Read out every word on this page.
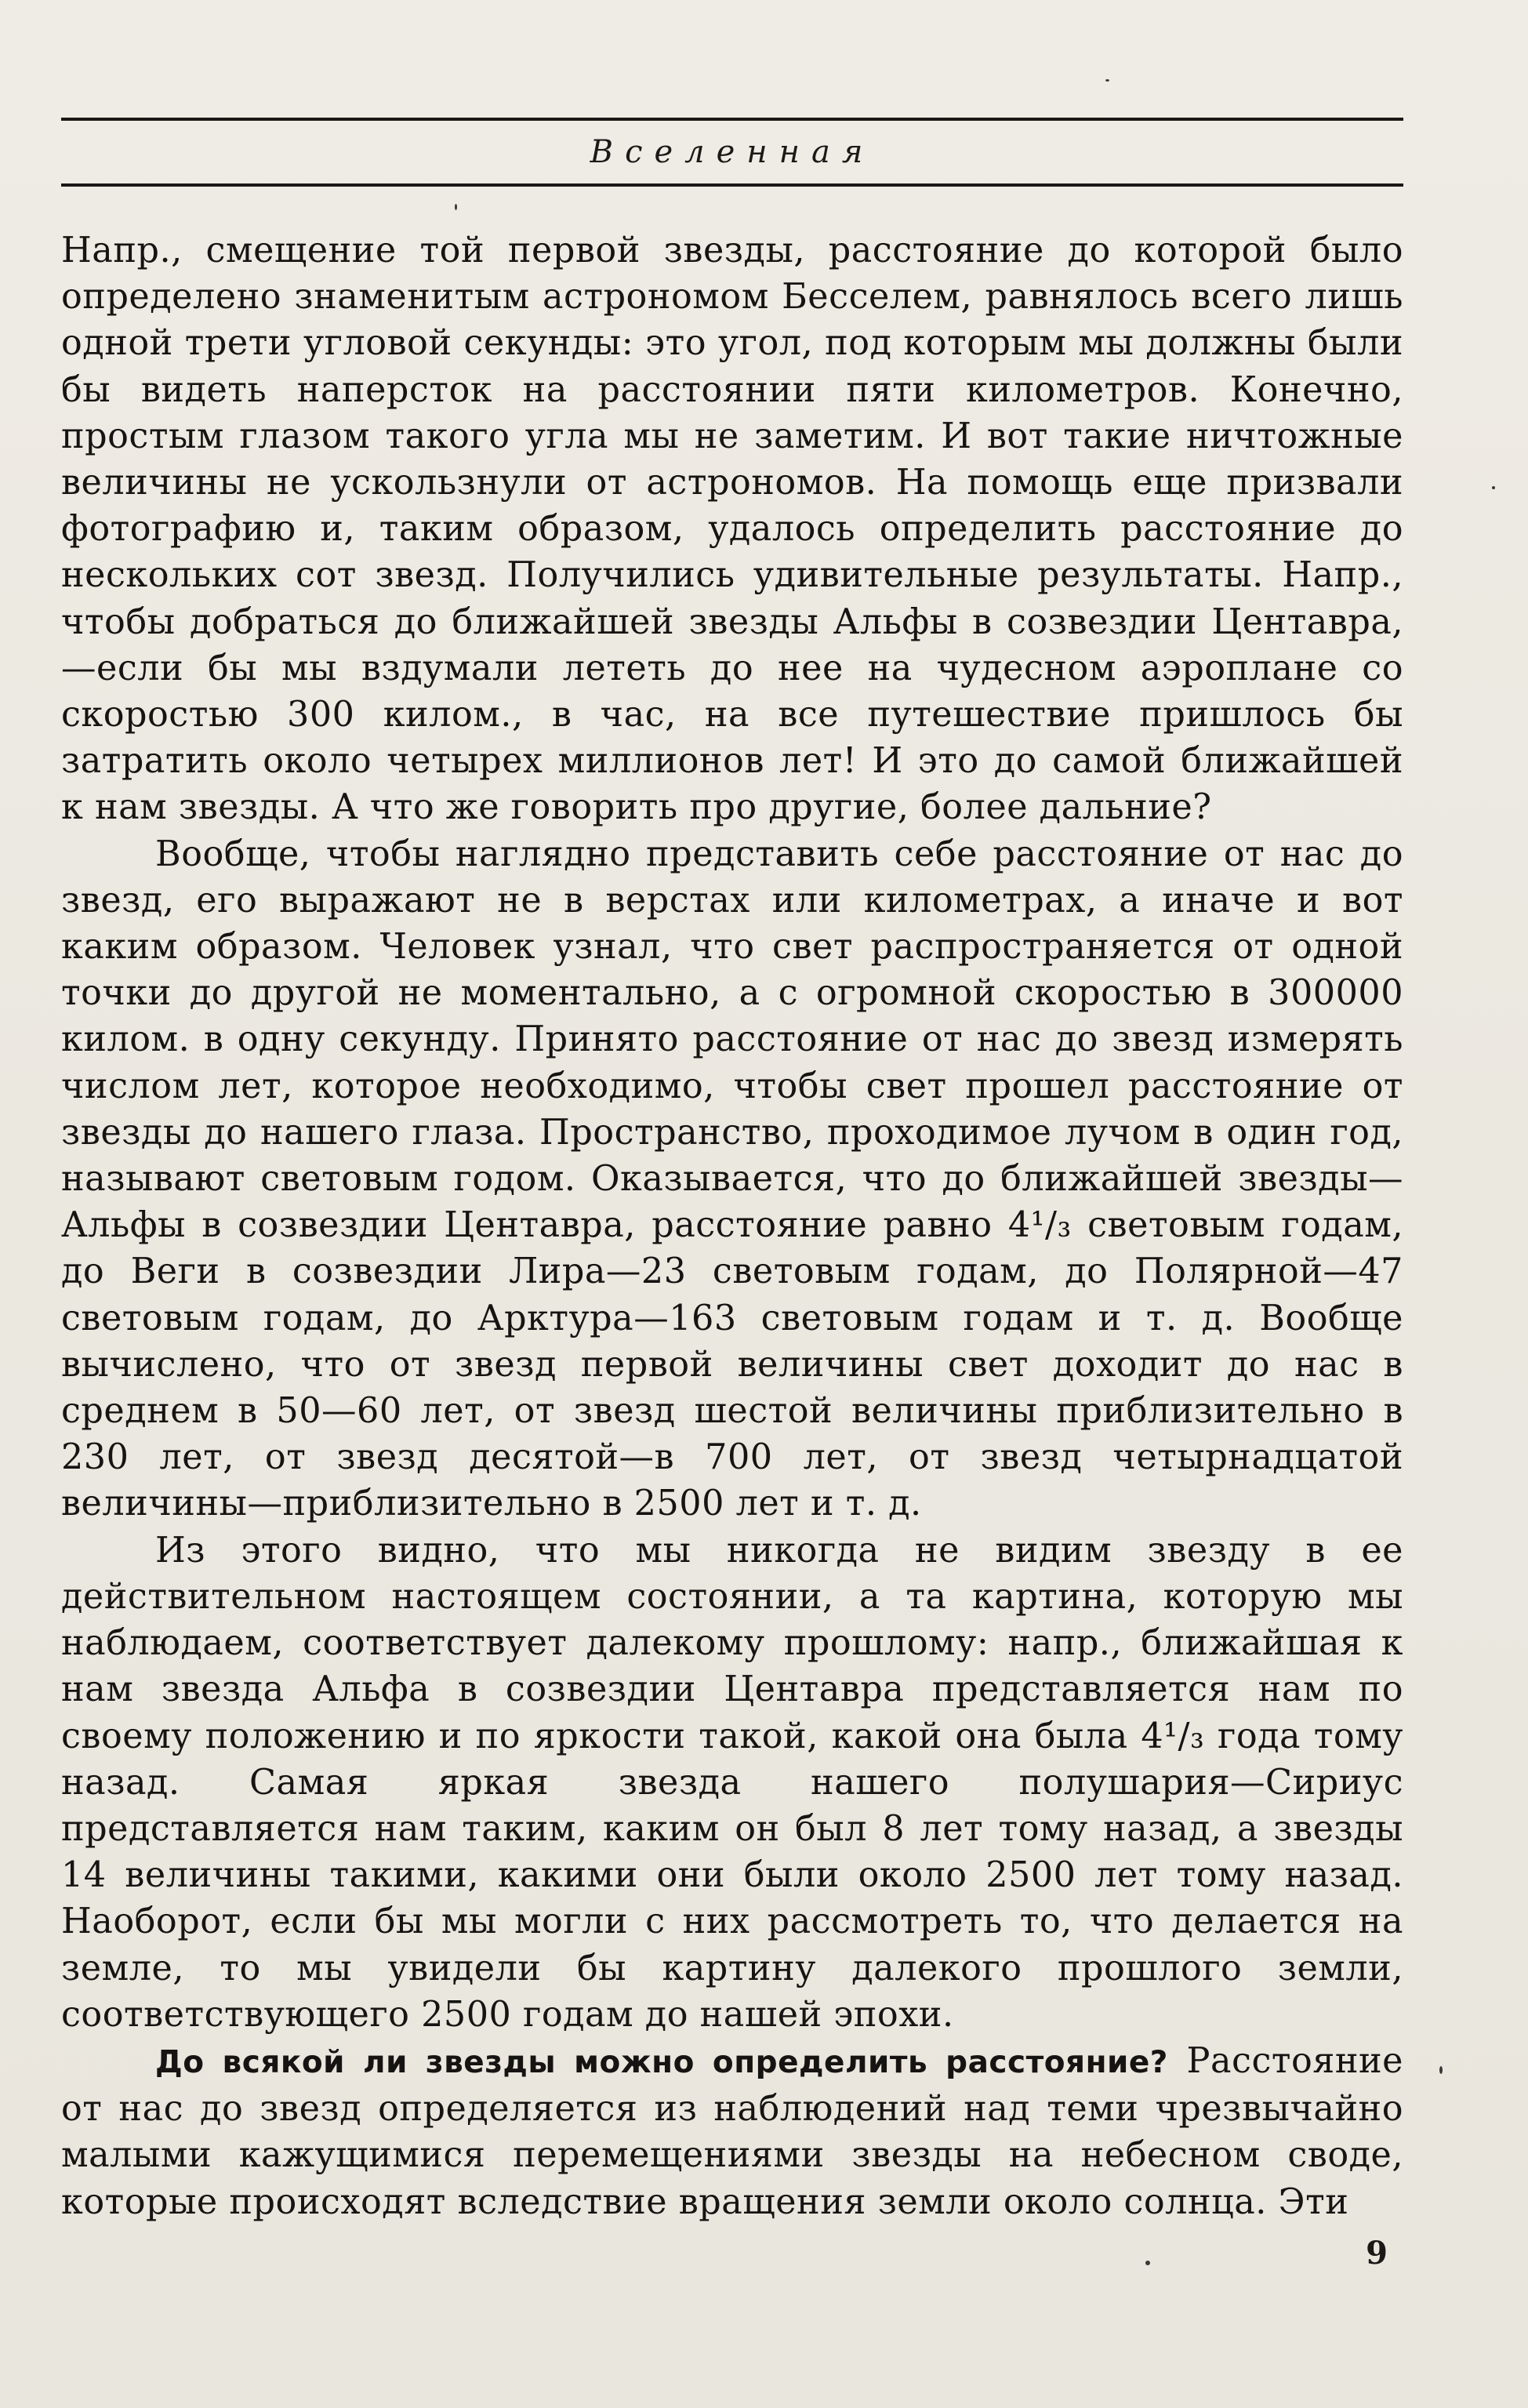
Вселенная

Напр., смещение той первой звезды, расстояние до которой было определено знаменитым астрономом Бесселем, равнялось всего лишь одной трети угловой секунды: это угол, под которым мы должны были бы видеть наперсток на расстоянии пяти километров. Конечно, простым глазом такого угла мы не заметим. И вот такие ничтожные величины не ускользнули от астрономов. На помощь еще призвали фотографию и, таким образом, удалось определить расстояние до нескольких сот звезд. Получились удивительные результаты. Напр., чтобы добраться до ближайшей звезды Альфы в созвездии Центавра,—если бы мы вздумали лететь до нее на чудесном аэроплане со скоростью 300 килом., в час, на все путешествие пришлось бы затратить около четырех миллионов лет! И это до самой ближайшей к нам звезды. А что же говорить про другие, более дальние?

Вообще, чтобы наглядно представить себе расстояние от нас до звезд, его выражают не в верстах или километрах, а иначе и вот каким образом. Человек узнал, что свет распространяется от одной точки до другой не моментально, а с огромной скоростью в 300000 килом. в одну секунду. Принято расстояние от нас до звезд измерять числом лет, которое необходимо, чтобы свет прошел расстояние от звезды до нашего глаза. Пространство, проходимое лучом в один год, называют световым годом. Оказывается, что до ближайшей звезды—Альфы в созвездии Центавра, расстояние равно 4¹/₃ световым годам, до Веги в созвездии Лира—23 световым годам, до Полярной—47 световым годам, до Арктура—163 световым годам и т. д. Вообще вычислено, что от звезд первой величины свет доходит до нас в среднем в 50—60 лет, от звезд шестой величины приблизительно в 230 лет, от звезд десятой—в 700 лет, от звезд четырнадцатой величины—приблизительно в 2500 лет и т. д.

Из этого видно, что мы никогда не видим звезду в ее действительном настоящем состоянии, а та картина, которую мы наблюдаем, соответствует далекому прошлому: напр., ближайшая к нам звезда Альфа в созвездии Центавра представляется нам по своему положению и по яркости такой, какой она была 4¹/₃ года тому назад. Самая яркая звезда нашего полушария—Сириус представляется нам таким, каким он был 8 лет тому назад, а звезды 14 величины такими, какими они были около 2500 лет тому назад. Наоборот, если бы мы могли с них рассмотреть то, что делается на земле, то мы увидели бы картину далекого прошлого земли, соответствующего 2500 годам до нашей эпохи.

До всякой ли звезды можно определить расстояние? Расстояние от нас до звезд определяется из наблюдений над теми чрезвычайно малыми кажущимися перемещениями звезды на небесном своде, которые происходят вследствие вращения земли около солнца. Эти

9
